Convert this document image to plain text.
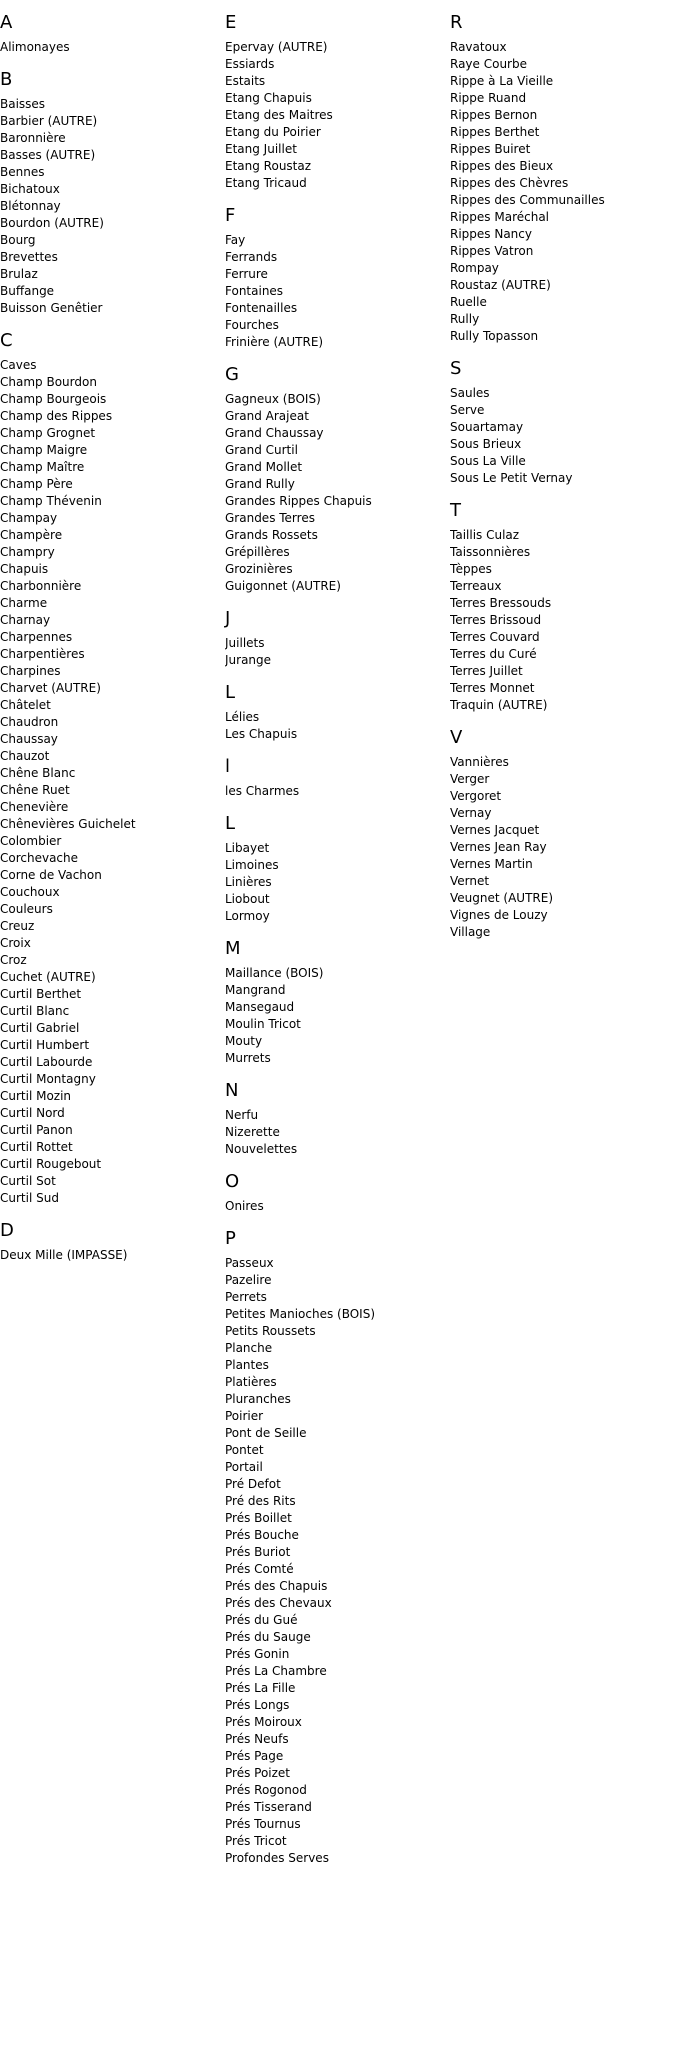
A
Alimonayes
B
Baisses
Barbier (AUTRE)
Baronnière
Basses (AUTRE)
Bennes
Bichatoux
Blétonnay
Bourdon (AUTRE)
Bourg
Brevettes
Brulaz
Buffange
Buisson Genêtier
C
Caves
Champ Bourdon
Champ Bourgeois
Champ des Rippes
Champ Grognet
Champ Maigre
Champ Maître
Champ Père
Champ Thévenin
Champay
Champère
Champry
Chapuis
Charbonnière
Charme
Charnay
Charpennes
Charpentières
Charpines
Charvet (AUTRE)
Châtelet
Chaudron
Chaussay
Chauzot
Chêne Blanc
Chêne Ruet
Chenevière
Chênevières Guichelet
Colombier
Corchevache
Corne de Vachon
Couchoux
Couleurs
Creuz
Croix
Croz
Cuchet (AUTRE)
Curtil Berthet
Curtil Blanc
Curtil Gabriel
Curtil Humbert
Curtil Labourde
Curtil Montagny
Curtil Mozin
Curtil Nord
Curtil Panon
Curtil Rottet
Curtil Rougebout
Curtil Sot
Curtil Sud
D
Deux Mille (IMPASSE)
E
Epervay (AUTRE)
Essiards
Estaits
Etang Chapuis
Etang des Maitres
Etang du Poirier
Etang Juillet
Etang Roustaz
Etang Tricaud
F
Fay
Ferrands
Ferrure
Fontaines
Fontenailles
Fourches
Frinière (AUTRE)
G
Gagneux (BOIS)
Grand Arajeat
Grand Chaussay
Grand Curtil
Grand Mollet
Grand Rully
Grandes Rippes Chapuis
Grandes Terres
Grands Rossets
Grépillères
Grozinières
Guigonnet (AUTRE)
J
Juillets
Jurange
L
Lélies
Les Chapuis
l
les Charmes
L
Libayet
Limoines
Linières
Liobout
Lormoy
M
Maillance (BOIS)
Mangrand
Mansegaud
Moulin Tricot
Mouty
Murrets
N
Nerfu
Nizerette
Nouvelettes
O
Onires
P
Passeux
Pazelire
Perrets
Petites Manioches (BOIS)
Petits Roussets
Planche
Plantes
Platières
Pluranches
Poirier
Pont de Seille
Pontet
Portail
Pré Defot
Pré des Rits
Prés Boillet
Prés Bouche
Prés Buriot
Prés Comté
Prés des Chapuis
Prés des Chevaux
Prés du Gué
Prés du Sauge
Prés Gonin
Prés La Chambre
Prés La Fille
Prés Longs
Prés Moiroux
Prés Neufs
Prés Page
Prés Poizet
Prés Rogonod
Prés Tisserand
Prés Tournus
Prés Tricot
Profondes Serves
R
Ravatoux
Raye Courbe
Rippe à La Vieille
Rippe Ruand
Rippes Bernon
Rippes Berthet
Rippes Buiret
Rippes des Bieux
Rippes des Chèvres
Rippes des Communailles
Rippes Maréchal
Rippes Nancy
Rippes Vatron
Rompay
Roustaz (AUTRE)
Ruelle
Rully
Rully Topasson
S
Saules
Serve
Souartamay
Sous Brieux
Sous La Ville
Sous Le Petit Vernay
T
Taillis Culaz
Taissonnières
Tèppes
Terreaux
Terres Bressouds
Terres Brissoud
Terres Couvard
Terres du Curé
Terres Juillet
Terres Monnet
Traquin (AUTRE)
V
Vannières
Verger
Vergoret
Vernay
Vernes Jacquet
Vernes Jean Ray
Vernes Martin
Vernet
Veugnet (AUTRE)
Vignes de Louzy
Village
